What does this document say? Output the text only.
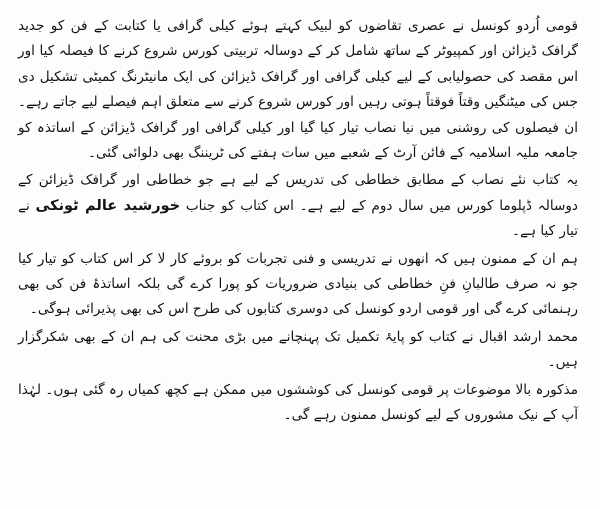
قومی اُردو کونسل نے عصری تقاضوں کو لبیک کہتے ہوئے کیلی گرافی یا کتابت کے فن کو جدید گرافک ڈیزائن اور کمپیوٹر کے ساتھ شامل کر کے دوسالہ تربیتی کورس شروع کرنے کا فیصلہ کیا اور اس مقصد کی حصولیابی کے لیے کیلی گرافی اور گرافک ڈیزائن کی ایک مانیٹرنگ کمیٹی تشکیل دی جس کی میٹنگیں وقتاً فوقتاً ہوتی رہیں اور کورس شروع کرنے سے متعلق اہم فیصلے لیے جاتے رہے۔ ان فیصلوں کی روشنی میں نیا نصاب تیار کیا گیا اور کیلی گرافی اور گرافک ڈیزائن کے اساتذہ کو جامعہ ملیہ اسلامیہ کے فائن آرٹ کے شعبے میں سات ہفتے کی ٹریننگ بھی دلوائی گئی۔

یہ کتاب نئے نصاب کے مطابق خطاطی کی تدریس کے لیے ہے جو خطاطی اور گرافک ڈیزائن کے دوسالہ ڈپلوما کورس میں سال دوم کے لیے ہے۔ اس کتاب کو جناب خورشید عالم ٹونکی نے تیار کیا ہے۔

ہم ان کے ممنون ہیں کہ انھوں نے تدریسی و فنی تجربات کو بروئے کار لا کر اس کتاب کو تیار کیا جو نہ صرف طالبانِ فنِ خطاطی کی بنیادی ضروریات کو پورا کرے گی بلکہ اساتذۂ فن کی بھی رہنمائی کرے گی اور قومی اردو کونسل کی دوسری کتابوں کی طرح اس کی بھی پذیرائی ہوگی۔

محمد ارشد اقبال نے کتاب کو پایۂ تکمیل تک پہنچانے میں بڑی محنت کی ہم ان کے بھی شکرگزار ہیں۔

مذکورہ بالا موضوعات پر قومی کونسل کی کوششوں میں ممکن ہے کچھ کمیاں رہ گئی ہوں۔ لہٰذا آپ کے نیک مشوروں کے لیے کونسل ممنون رہے گی۔
